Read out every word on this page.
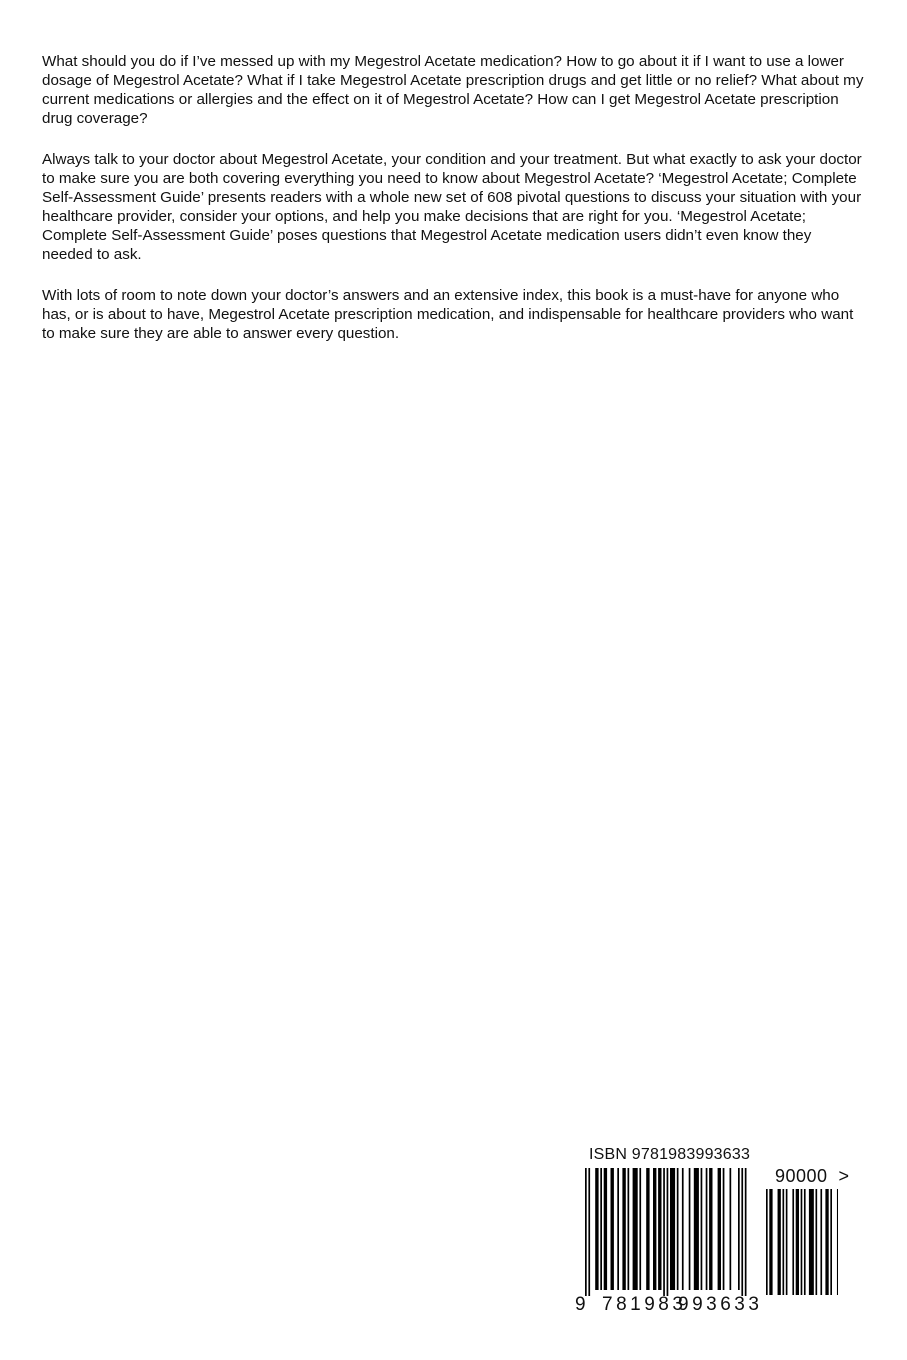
What should you do if I’ve messed up with my Megestrol Acetate medication? How to go about it if I want to use a lower dosage of Megestrol Acetate? What if I take Megestrol Acetate prescription drugs and get little or no relief? What about my current medications or allergies and the effect on it of Megestrol Acetate? How can I get Megestrol Acetate prescription drug coverage?

Always talk to your doctor about Megestrol Acetate, your condition and your treatment. But what exactly to ask your doctor to make sure you are both covering everything you need to know about Megestrol Acetate? ‘Megestrol Acetate; Complete Self-Assessment Guide’ presents readers with a whole new set of 608 pivotal questions to discuss your situation with your healthcare provider, consider your options, and help you make decisions that are right for you. ‘Megestrol Acetate; Complete Self-Assessment Guide’ poses questions that Megestrol Acetate medication users didn’t even know they needed to ask.

With lots of room to note down your doctor’s answers and an extensive index, this book is a must-have for anyone who has, or is about to have, Megestrol Acetate prescription medication, and indispensable for healthcare providers who want to make sure they are able to answer every question.

ISBN 9781983993633
90000  >
9 781983
993633
